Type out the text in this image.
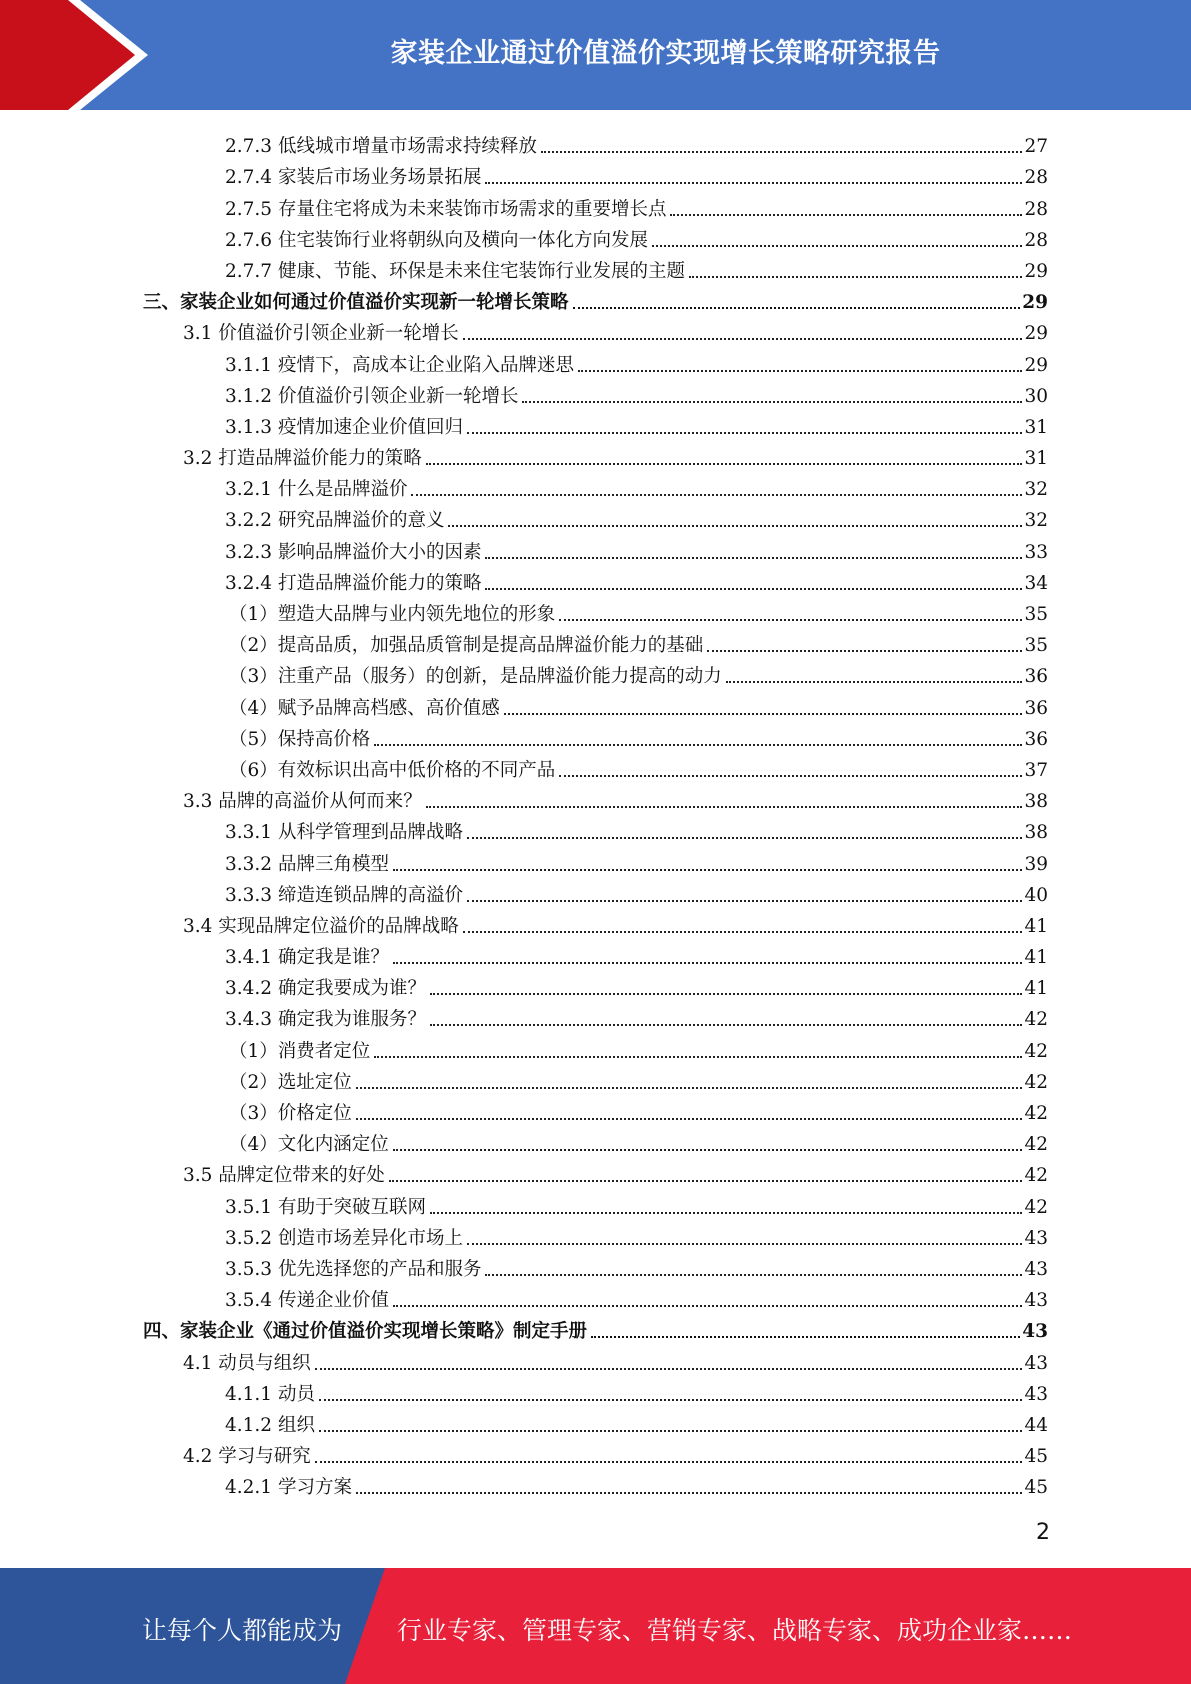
家装企业通过价值溢价实现增长策略研究报告
2.7.3 低线城市增量市场需求持续释放	27
2.7.4 家装后市场业务场景拓展	28
2.7.5 存量住宅将成为未来装饰市场需求的重要增长点	28
2.7.6 住宅装饰行业将朝纵向及横向一体化方向发展	28
2.7.7 健康、节能、环保是未来住宅装饰行业发展的主题	29
三、家装企业如何通过价值溢价实现新一轮增长策略	29
3.1 价值溢价引领企业新一轮增长	29
3.1.1 疫情下，高成本让企业陷入品牌迷思	29
3.1.2 价值溢价引领企业新一轮增长	30
3.1.3 疫情加速企业价值回归	31
3.2 打造品牌溢价能力的策略	31
3.2.1 什么是品牌溢价	32
3.2.2 研究品牌溢价的意义	32
3.2.3 影响品牌溢价大小的因素	33
3.2.4 打造品牌溢价能力的策略	34
（1）塑造大品牌与业内领先地位的形象	35
（2）提高品质，加强品质管制是提高品牌溢价能力的基础	35
（3）注重产品（服务）的创新，是品牌溢价能力提高的动力	36
（4）赋予品牌高档感、高价值感	36
（5）保持高价格	36
（6）有效标识出高中低价格的不同产品	37
3.3 品牌的高溢价从何而来？	38
3.3.1 从科学管理到品牌战略	38
3.3.2 品牌三角模型	39
3.3.3 缔造连锁品牌的高溢价	40
3.4 实现品牌定位溢价的品牌战略	41
3.4.1 确定我是谁？	41
3.4.2 确定我要成为谁？	41
3.4.3 确定我为谁服务？	42
（1）消费者定位	42
（2）选址定位	42
（3）价格定位	42
（4）文化内涵定位	42
3.5 品牌定位带来的好处	42
3.5.1 有助于突破互联网	42
3.5.2 创造市场差异化市场上	43
3.5.3 优先选择您的产品和服务	43
3.5.4 传递企业价值	43
四、家装企业《通过价值溢价实现增长策略》制定手册	43
4.1 动员与组织	43
4.1.1 动员	43
4.1.2 组织	44
4.2 学习与研究	45
4.2.1 学习方案	45
2
让每个人都能成为 行业专家、管理专家、营销专家、战略专家、成功企业家……
